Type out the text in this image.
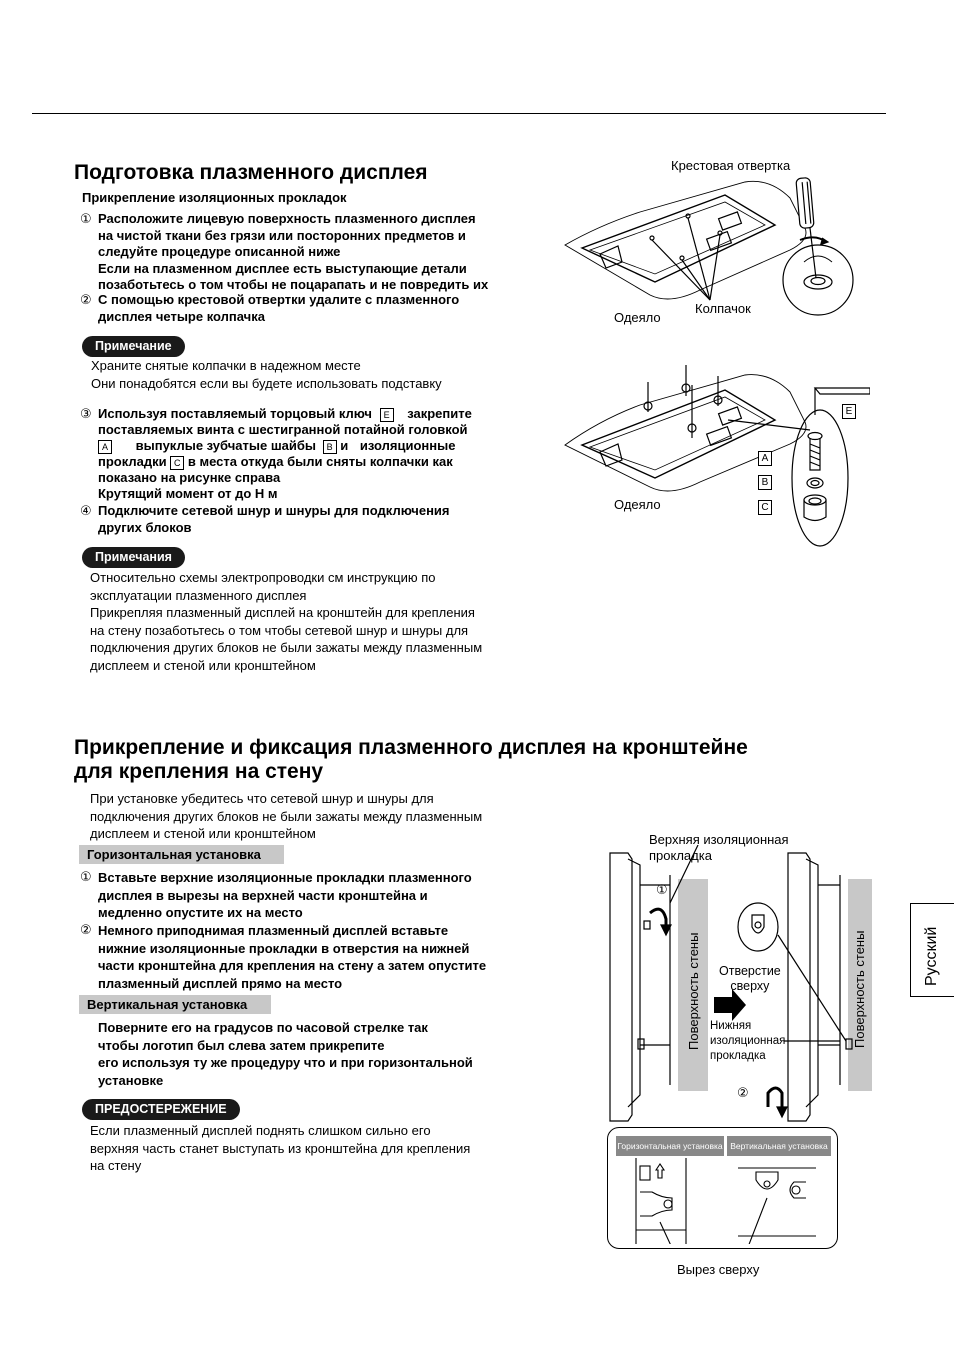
Подготовка плазменного дисплея
Прикрепление изоляционных прокладок
① Расположите лицевую поверхность плазменного дисплея
на чистой ткани без грязи или посторонних предметов и
следуйте процедуре описанной ниже
Если на плазменном дисплее есть выступающие детали
позаботьтесь о том чтобы не поцарапать и не повредить их
② С помощью крестовой отвертки удалите с плазменного
дисплея четыре колпачка
Примечание
Храните снятые колпачки в надежном месте
Они понадобятся если вы будете использовать подставку
③ Используя поставляемый торцовый ключ E закрепите
поставляемых винта с шестигранной потайной головкой
A выпуклые зубчатые шайбы B и изоляционные
прокладки C в места откуда были сняты колпачки как
показано на рисунке справа
Крутящий момент от до Н м
④ Подключите сетевой шнур и шнуры для подключения
других блоков
Примечания
Относительно схемы электропроводки см инструкцию по
эксплуатации плазменного дисплея
Прикрепляя плазменный дисплей на кронштейн для крепления
на стену позаботьтесь о том чтобы сетевой шнур и шнуры для
подключения других блоков не были зажаты между плазменным
дисплеем и стеной или кронштейном
Крестовая отвертка
Колпачок
Одеяло
Одеяло
E
A
B
C
Прикрепление и фиксация плазменного дисплея на кронштейне
для крепления на стену
При установке убедитесь что сетевой шнур и шнуры для
подключения других блоков не были зажаты между плазменным
дисплеем и стеной или кронштейном
Горизонтальная установка
① Вставьте верхние изоляционные прокладки плазменного
дисплея в вырезы на верхней части кронштейна и
медленно опустите их на место
② Немного приподнимая плазменный дисплей вставьте
нижние изоляционные прокладки в отверстия на нижней
части кронштейна для крепления на стену а затем опустите
плазменный дисплей прямо на место
Вертикальная установка
Поверните его на градусов по часовой стрелке так
чтобы логотип был слева затем прикрепите
его используя ту же процедуру что и при горизонтальной
установке
ПРЕДОСТЕРЕЖЕНИЕ
Если плазменный дисплей поднять слишком сильно его
верхняя часть станет выступать из кронштейна для крепления
на стену
Верхняя изоляционная
прокладка
①
②
Поверхность стены	Поверхность стены
Отверстие
сверху
Нижняя
изоляционная
прокладка
Горизонтальная установка Вертикальная установка
Вырез сверху
Русский
